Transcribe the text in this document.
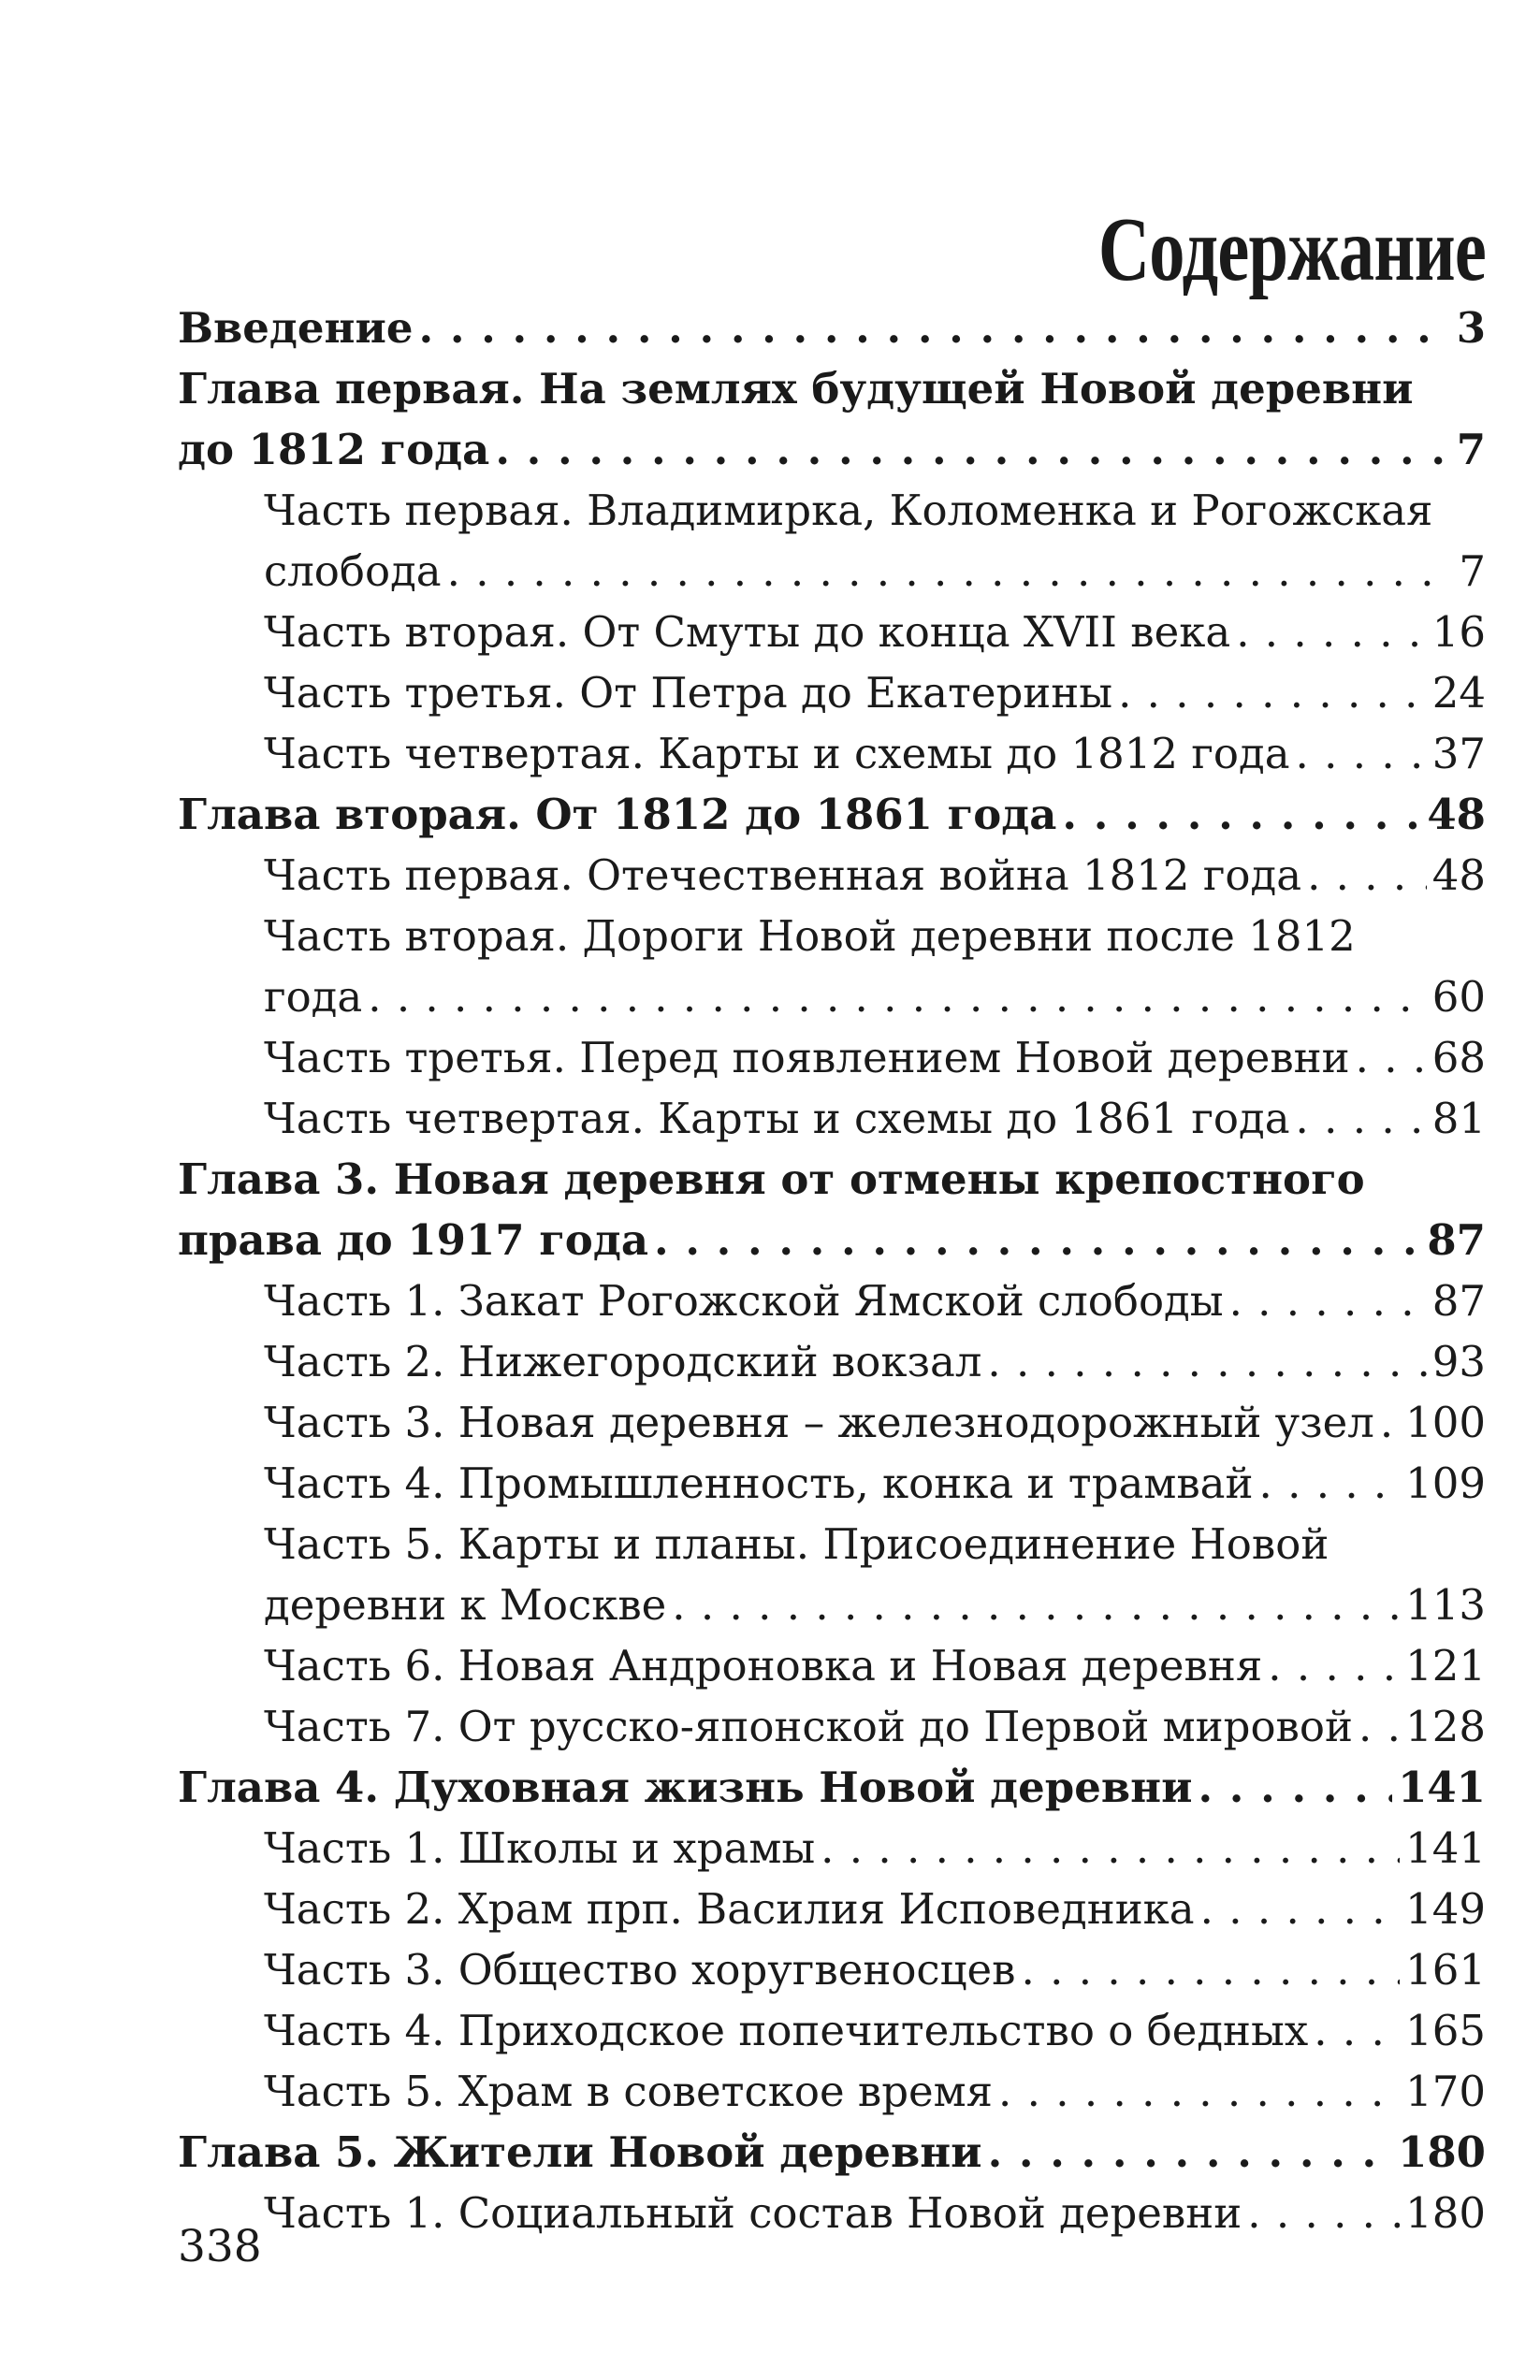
Содержание
Введение . . .	3
Глава первая. На землях будущей Новой деревни
до 1812 года . . .	7
Часть первая. Владимирка, Коломенка и Рогожская
слобода . . .	7
Часть вторая. От Смуты до конца XVII века . . .	16
Часть третья. От Петра до Екатерины . . .	24
Часть четвертая. Карты и схемы до 1812 года . . .	37
Глава вторая. От 1812 до 1861 года . . .	48
Часть первая. Отечественная война 1812 года . . .	48
Часть вторая. Дороги Новой деревни после 1812
года . . .	60
Часть третья. Перед появлением Новой деревни . . . 68
Часть четвертая. Карты и схемы до 1861 года . . .	81
Глава 3. Новая деревня от отмены крепостного
права до 1917 года . . .	87
Часть 1. Закат Рогожской Ямской слободы . . .	87
Часть 2. Нижегородский вокзал . . .	93
Часть 3. Новая деревня – железнодорожный узел . . . 100
Часть 4. Промышленность, конка и трамвай . . .	109
Часть 5. Карты и планы. Присоединение Новой
деревни к Москве . . .	113
Часть 6. Новая Андроновка и Новая деревня . . .	121
Часть 7. От русско-японской до Первой мировой . . . 128
Глава 4. Духовная жизнь Новой деревни . . .	141
Часть 1. Школы и храмы . . .	141
Часть 2. Храм прп. Василия Исповедника . . .	149
Часть 3. Общество хоругвеносцев . . .	161
Часть 4. Приходское попечительство о бедных . . . 165
Часть 5. Храм в советское время . . .	170
Глава 5. Жители Новой деревни . . .	180
Часть 1. Социальный состав Новой деревни . . .	180
338
